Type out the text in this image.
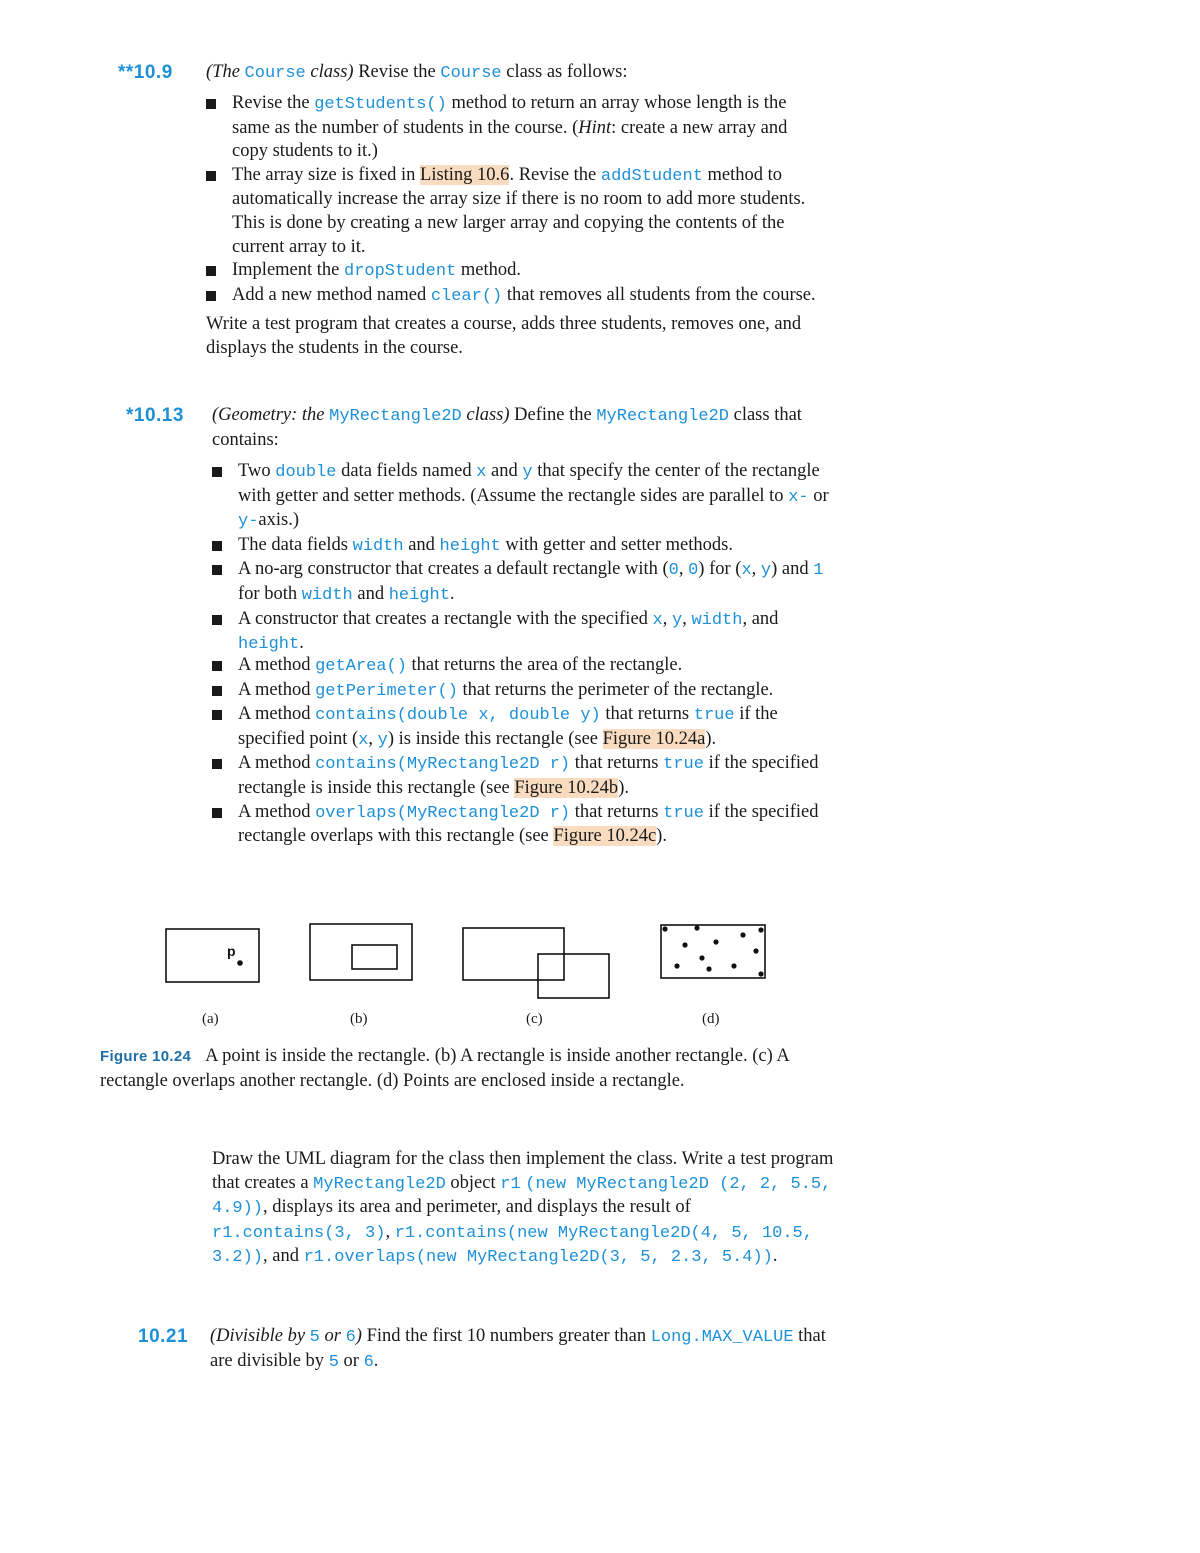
**10.9 (The Course class) Revise the Course class as follows:

Revise the getStudents() method to return an array whose length is the same as the number of students in the course. (Hint: create a new array and copy students to it.)
The array size is fixed in Listing 10.6. Revise the addStudent method to automatically increase the array size if there is no room to add more students. This is done by creating a new larger array and copying the contents of the current array to it.
Implement the dropStudent method.
Add a new method named clear() that removes all students from the course.

Write a test program that creates a course, adds three students, removes one, and displays the students in the course.

*10.13 (Geometry: the MyRectangle2D class) Define the MyRectangle2D class that contains:

Two double data fields named x and y that specify the center of the rectangle with getter and setter methods. (Assume the rectangle sides are parallel to x- or y-axis.)
The data fields width and height with getter and setter methods.
A no-arg constructor that creates a default rectangle with (0, 0) for (x, y) and 1 for both width and height.
A constructor that creates a rectangle with the specified x, y, width, and height.
A method getArea() that returns the area of the rectangle.
A method getPerimeter() that returns the perimeter of the rectangle.
A method contains(double x, double y) that returns true if the specified point (x, y) is inside this rectangle (see Figure 10.24a).
A method contains(MyRectangle2D r) that returns true if the specified rectangle is inside this rectangle (see Figure 10.24b).
A method overlaps(MyRectangle2D r) that returns true if the specified rectangle overlaps with this rectangle (see Figure 10.24c).
p
(a)	(b)	(c)	(d)
Figure 10.24 A point is inside the rectangle. (b) A rectangle is inside another rectangle. (c) A rectangle overlaps another rectangle. (d) Points are enclosed inside a rectangle.

Draw the UML diagram for the class then implement the class. Write a test program that creates a MyRectangle2D object r1 (new MyRectangle2D (2, 2, 5.5, 4.9)), displays its area and perimeter, and displays the result of r1.contains(3, 3), r1.contains(new MyRectangle2D(4, 5, 10.5, 3.2)), and r1.overlaps(new MyRectangle2D(3, 5, 2.3, 5.4)).

10.21 (Divisible by 5 or 6) Find the first 10 numbers greater than Long.MAX_VALUE that are divisible by 5 or 6.
